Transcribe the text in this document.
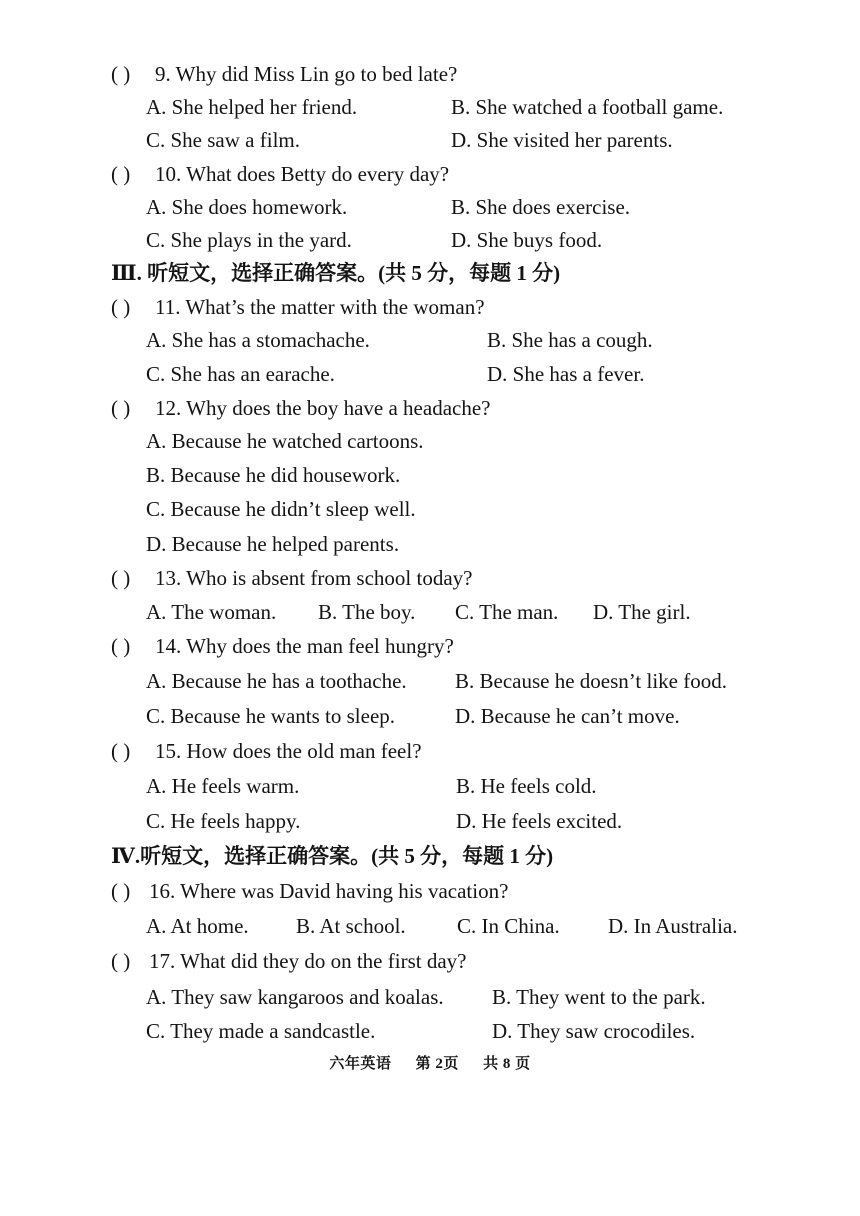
( ) 9. Why did Miss Lin go to bed late?
A. She helped her friend.	B. She watched a football game.
C. She saw a film.	D. She visited her parents.
( ) 10. What does Betty do every day?
A. She does homework.	B. She does exercise.
C. She plays in the yard.	D. She buys food.
Ⅲ. 听短文，选择正确答案。(共 5 分，每题 1 分)
( ) 11. What’s the matter with the woman?
A. She has a stomachache.	B. She has a cough.
C. She has an earache.	D. She has a fever.
( ) 12. Why does the boy have a headache?
A. Because he watched cartoons.
B. Because he did housework.
C. Because he didn’t sleep well.
D. Because he helped parents.
( ) 13. Who is absent from school today?
A. The woman. B. The boy. C. The man. D. The girl.
( ) 14. Why does the man feel hungry?
A. Because he has a toothache. B. Because he doesn’t like food.
C. Because he wants to sleep.	D. Because he can’t move.
( ) 15. How does the old man feel?
A. He feels warm.	B. He feels cold.
C. He feels happy.	D. He feels excited.
Ⅳ.听短文，选择正确答案。(共 5 分，每题 1 分)
( ) 16. Where was David having his vacation?
A. At home. B. At school. C. In China. D. In Australia.
( ) 17. What did they do on the first day?
A. They saw kangaroos and koalas. B. They went to the park.
C. They made a sandcastle.	D. They saw crocodiles.
六年英语 第 2页 共 8 页
